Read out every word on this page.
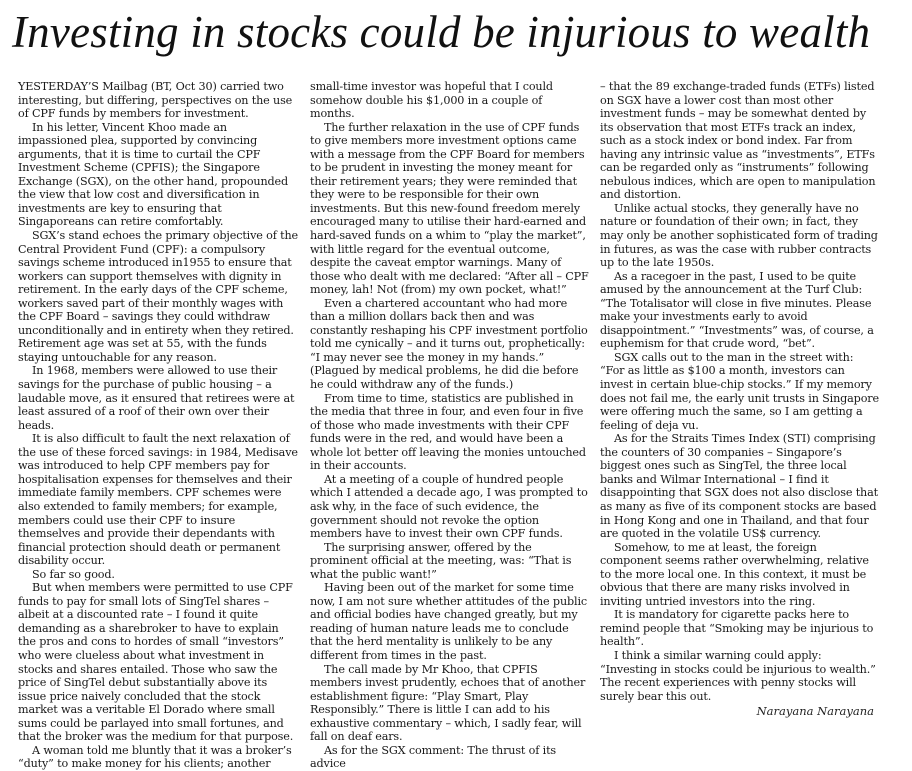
Investing in stocks could be injurious to wealth

YESTERDAY’S Mailbag (BT, Oct 30) carried two interesting, but differing, perspectives on the use of CPF funds by members for investment.

In his letter, Vincent Khoo made an impassioned plea, supported by convincing arguments, that it is time to curtail the CPF Investment Scheme (CPFIS); the Singapore Exchange (SGX), on the other hand, propounded the view that low cost and diversification in investments are key to ensuring that Singaporeans can retire comfortably.

SGX’s stand echoes the primary objective of the Central Provident Fund (CPF): a compulsory savings scheme introduced in1955 to ensure that workers can support themselves with dignity in retirement. In the early days of the CPF scheme, workers saved part of their monthly wages with the CPF Board – savings they could withdraw unconditionally and in entirety when they retired. Retirement age was set at 55, with the funds staying untouchable for any reason.

In 1968, members were allowed to use their savings for the purchase of public housing – a laudable move, as it ensured that retirees were at least assured of a roof of their own over their heads.

It is also difficult to fault the next relaxation of the use of these forced savings: in 1984, Medisave was introduced to help CPF members pay for hospitalisation expenses for themselves and their immediate family members. CPF schemes were also extended to family members; for example, members could use their CPF to insure themselves and provide their dependants with financial protection should death or permanent disability occur.

So far so good.

But when members were permitted to use CPF funds to pay for small lots of SingTel shares – albeit at a discounted rate – I found it quite demanding as a sharebroker to have to explain the pros and cons to hordes of small “investors” who were clueless about what investment in stocks and shares entailed. Those who saw the price of SingTel debut substantially above its issue price naively concluded that the stock market was a veritable El Dorado where small sums could be parlayed into small fortunes, and that the broker was the medium for that purpose.

A woman told me bluntly that it was a broker’s “duty” to make money for his clients; another

small-time investor was hopeful that I could somehow double his $1,000 in a couple of months.

The further relaxation in the use of CPF funds to give members more investment options came with a message from the CPF Board for members to be prudent in investing the money meant for their retirement years; they were reminded that they were to be responsible for their own investments. But this new-found freedom merely encouraged many to utilise their hard-earned and hard-saved funds on a whim to “play the market”, with little regard for the eventual outcome, despite the caveat emptor warnings. Many of those who dealt with me declared: “After all – CPF money, lah! Not (from) my own pocket, what!”

Even a chartered accountant who had more than a million dollars back then and was constantly reshaping his CPF investment portfolio told me cynically – and it turns out, prophetically: “I may never see the money in my hands.” (Plagued by medical problems, he did die before he could withdraw any of the funds.)

From time to time, statistics are published in the media that three in four, and even four in five of those who made investments with their CPF funds were in the red, and would have been a whole lot better off leaving the monies untouched in their accounts.

At a meeting of a couple of hundred people which I attended a decade ago, I was prompted to ask why, in the face of such evidence, the government should not revoke the option members have to invest their own CPF funds.

The surprising answer, offered by the prominent official at the meeting, was: “That is what the public want!”

Having been out of the market for some time now, I am not sure whether attitudes of the public and official bodies have changed greatly, but my reading of human nature leads me to conclude that the herd mentality is unlikely to be any different from times in the past.

The call made by Mr Khoo, that CPFIS members invest prudently, echoes that of another establishment figure: “Play Smart, Play Responsibly.” There is little I can add to his exhaustive commentary – which, I sadly fear, will fall on deaf ears.

As for the SGX comment: The thrust of its advice

– that the 89 exchange-traded funds (ETFs) listed on SGX have a lower cost than most other investment funds – may be somewhat dented by its observation that most ETFs track an index, such as a stock index or bond index. Far from having any intrinsic value as “investments”, ETFs can be regarded only as “instruments” following nebulous indices, which are open to manipulation and distortion.

Unlike actual stocks, they generally have no nature or foundation of their own; in fact, they may only be another sophisticated form of trading in futures, as was the case with rubber contracts up to the late 1950s.

As a racegoer in the past, I used to be quite amused by the announcement at the Turf Club: “The Totalisator will close in five minutes. Please make your investments early to avoid disappointment.” “Investments” was, of course, a euphemism for that crude word, “bet”.

SGX calls out to the man in the street with: “For as little as $100 a month, investors can invest in certain blue-chip stocks.” If my memory does not fail me, the early unit trusts in Singapore were offering much the same, so I am getting a feeling of deja vu.

As for the Straits Times Index (STI) comprising the counters of 30 companies – Singapore’s biggest ones such as SingTel, the three local banks and Wilmar International – I find it disappointing that SGX does not also disclose that as many as five of its component stocks are based in Hong Kong and one in Thailand, and that four are quoted in the volatile US$ currency.

Somehow, to me at least, the foreign component seems rather overwhelming, relative to the more local one. In this context, it must be obvious that there are many risks involved in inviting untried investors into the ring.

It is mandatory for cigarette packs here to remind people that “Smoking may be injurious to health”.

I think a similar warning could apply: “Investing in stocks could be injurious to wealth.” The recent experiences with penny stocks will surely bear this out.

Narayana Narayana
